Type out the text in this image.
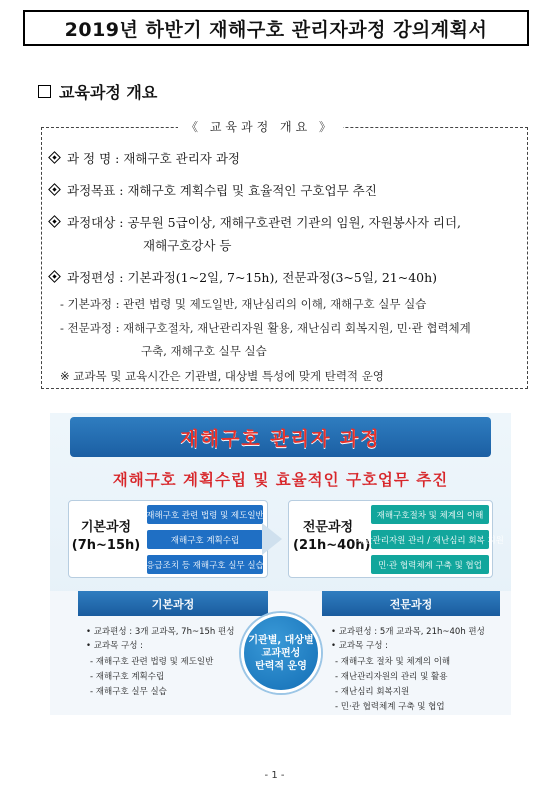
2019년 하반기 재해구호 관리자과정 강의계획서
교육과정 개요
《 교육과정 개요 》
과 정 명 : 재해구호 관리자 과정
과정목표 : 재해구호 계획수립 및 효율적인 구호업무 추진
과정대상 : 공무원 5급이상, 재해구호관련 기관의 임원, 자원봉사자 리더,
재해구호강사 등
과정편성 : 기본과정(1~2일, 7~15h), 전문과정(3~5일, 21~40h)
- 기본과정 : 관련 법령 및 제도일반, 재난심리의 이해, 재해구호 실무 실습
- 전문과정 : 재해구호절차, 재난관리자원 활용, 재난심리 회복지원, 민·관 협력체계
구축, 재해구호 실무 실습
※ 교과목 및 교육시간은 기관별, 대상별 특성에 맞게 탄력적 운영
재해구호 관리자 과정
재해구호 계획수립 및 효율적인 구호업무 추진
기본과정
(7h~15h)
재해구호 관련 법령 및 제도일반
재해구호 계획수립
응급조치 등 재해구호 실무 실습
전문과정
(21h~40h)
재해구호절차 및 체계의 이해
재난관리자원 관리 / 재난심리 회복 지원
민·관 협력체계 구축 및 협업
기본과정	전문과정
• 교과편성 : 3개 교과목, 7h~15h 편성
• 교과목 구성 :
- 재해구호 관련 법령 및 제도일반
- 재해구호 계획수립
- 재해구호 실무 실습
기관별, 대상별
교과편성
탄력적 운영
• 교과편성 : 5개 교과목, 21h~40h 편성
• 교과목 구성 :
- 재해구호 절차 및 체계의 이해
- 재난관리자원의 관리 및 활용
- 재난심리 회복지원
- 민·관 협력체계 구축 및 협업
- 1 -
